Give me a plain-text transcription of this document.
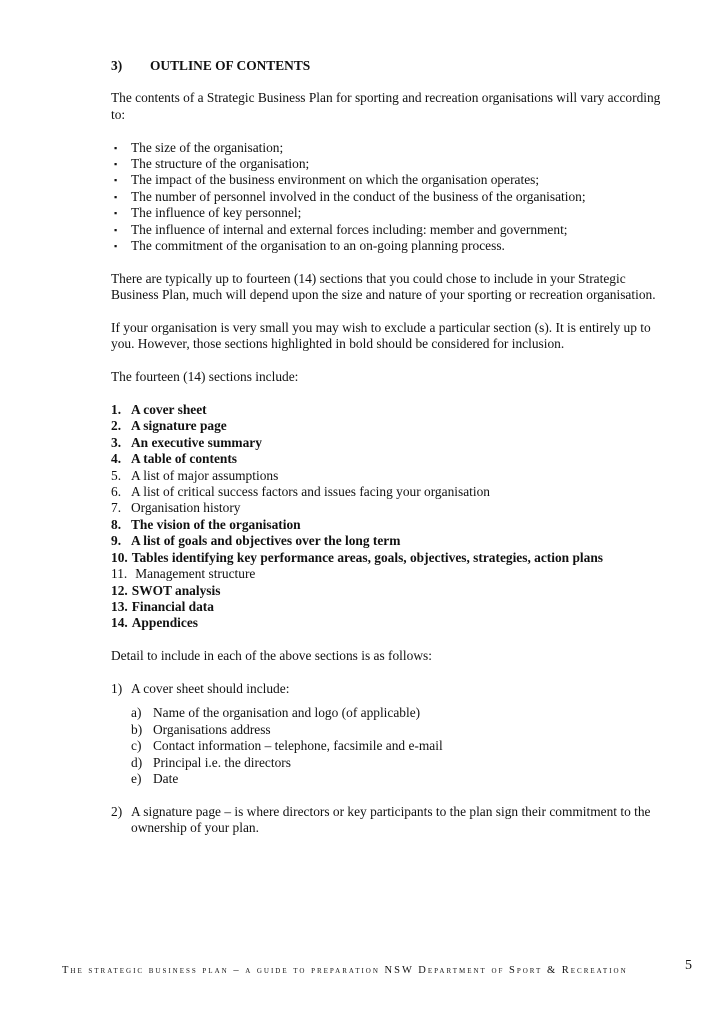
3)	OUTLINE OF CONTENTS

The contents of a Strategic Business Plan for sporting and recreation organisations will vary according to:

▪ The size of the organisation;
▪ The structure of the organisation;
▪ The impact of the business environment on which the organisation operates;
▪ The number of personnel involved in the conduct of the business of the organisation;
▪ The influence of key personnel;
▪ The influence of internal and external forces including: member and government;
▪ The commitment of the organisation to an on-going planning process.

There are typically up to fourteen (14) sections that you could chose to include in your Strategic Business Plan, much will depend upon the size and nature of your sporting or recreation organisation.

If your organisation is very small you may wish to exclude a particular section (s). It is entirely up to you. However, those sections highlighted in bold should be considered for inclusion.

The fourteen (14) sections include:

1. A cover sheet
2. A signature page
3. An executive summary
4. A table of contents
5. A list of major assumptions
6. A list of critical success factors and issues facing your organisation
7. Organisation history
8. The vision of the organisation
9. A list of goals and objectives over the long term
10. Tables identifying key performance areas, goals, objectives, strategies, action plans
11. Management structure
12. SWOT analysis
13. Financial data
14. Appendices

Detail to include in each of the above sections is as follows:

1) A cover sheet should include:
a) Name of the organisation and logo (of applicable)
b) Organisations address
c) Contact information – telephone, facsimile and e-mail
d) Principal i.e. the directors
e) Date
2) A signature page – is where directors or key participants to the plan sign their commitment to the ownership of your plan.
The strategic business plan – a guide to preparation NSW Department of Sport & Recreation	5
